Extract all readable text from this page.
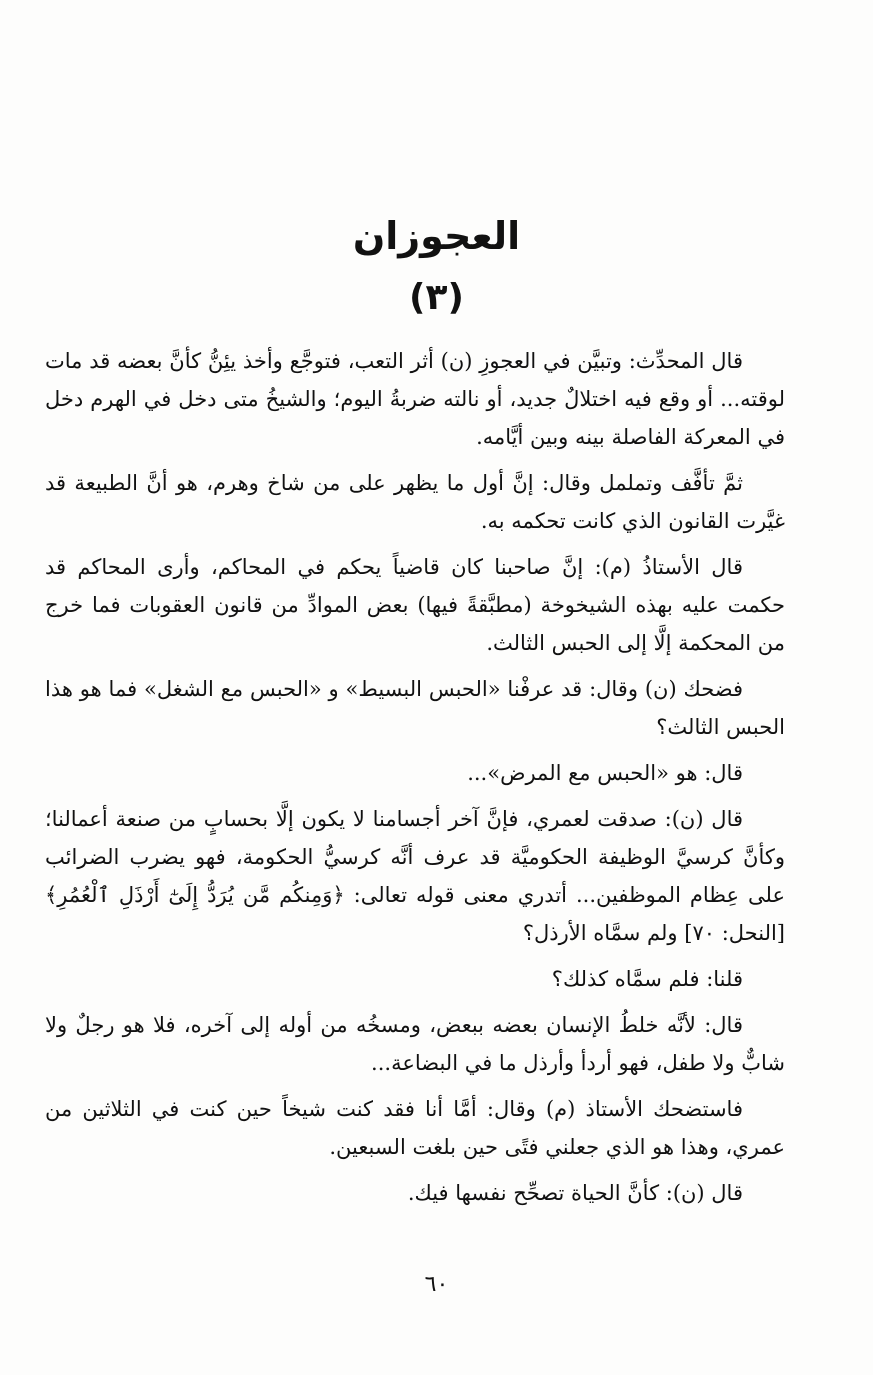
العجوزان
(٣)

قال المحدِّث: وتبيَّن في العجوزِ (ن) أثر التعب، فتوجَّع وأخذ يئِنُّ كأنَّ بعضه قد مات لوقته... أو وقع فيه اختلالٌ جديد، أو نالته ضربةُ اليوم؛ والشيخُ متى دخل في الهرم دخل في المعركة الفاصلة بينه وبين أيَّامه.

ثمَّ تأفَّف وتململ وقال: إنَّ أول ما يظهر على من شاخ وهرم، هو أنَّ الطبيعة قد غيَّرت القانون الذي كانت تحكمه به.

قال الأستاذُ (م): إنَّ صاحبنا كان قاضياً يحكم في المحاكم، وأرى المحاكم قد حكمت عليه بهذه الشيخوخة (مطبَّقةً فيها) بعض الموادِّ من قانون العقوبات فما خرج من المحكمة إلَّا إلى الحبس الثالث.

فضحك (ن) وقال: قد عرفْنا «الحبس البسيط» و «الحبس مع الشغل» فما هو هذا الحبس الثالث؟

قال: هو «الحبس مع المرض»...

قال (ن): صدقت لعمري، فإنَّ آخر أجسامنا لا يكون إلَّا بحسابٍ من صنعة أعمالنا؛ وكأنَّ كرسيَّ الوظيفة الحكوميَّة قد عرف أنَّه كرسيُّ الحكومة، فهو يضرب الضرائب على عِظام الموظفين... أتدري معنى قوله تعالى: ﴿وَمِنكُم مَّن يُرَدُّ إِلَىٰٓ أَرْذَلِ ٱلْعُمُرِ﴾ [النحل: ٧٠] ولم سمَّاه الأرذل؟

قلنا: فلم سمَّاه كذلك؟

قال: لأنَّه خلطُ الإنسان بعضه ببعض، ومسخُه من أوله إلى آخره، فلا هو رجلٌ ولا شابٌّ ولا طفل، فهو أردأ وأرذل ما في البضاعة...

فاستضحك الأستاذ (م) وقال: أمَّا أنا فقد كنت شيخاً حين كنت في الثلاثين من عمري، وهذا هو الذي جعلني فتًى حين بلغت السبعين.

قال (ن): كأنَّ الحياة تصحِّح نفسها فيك.

٦٠
